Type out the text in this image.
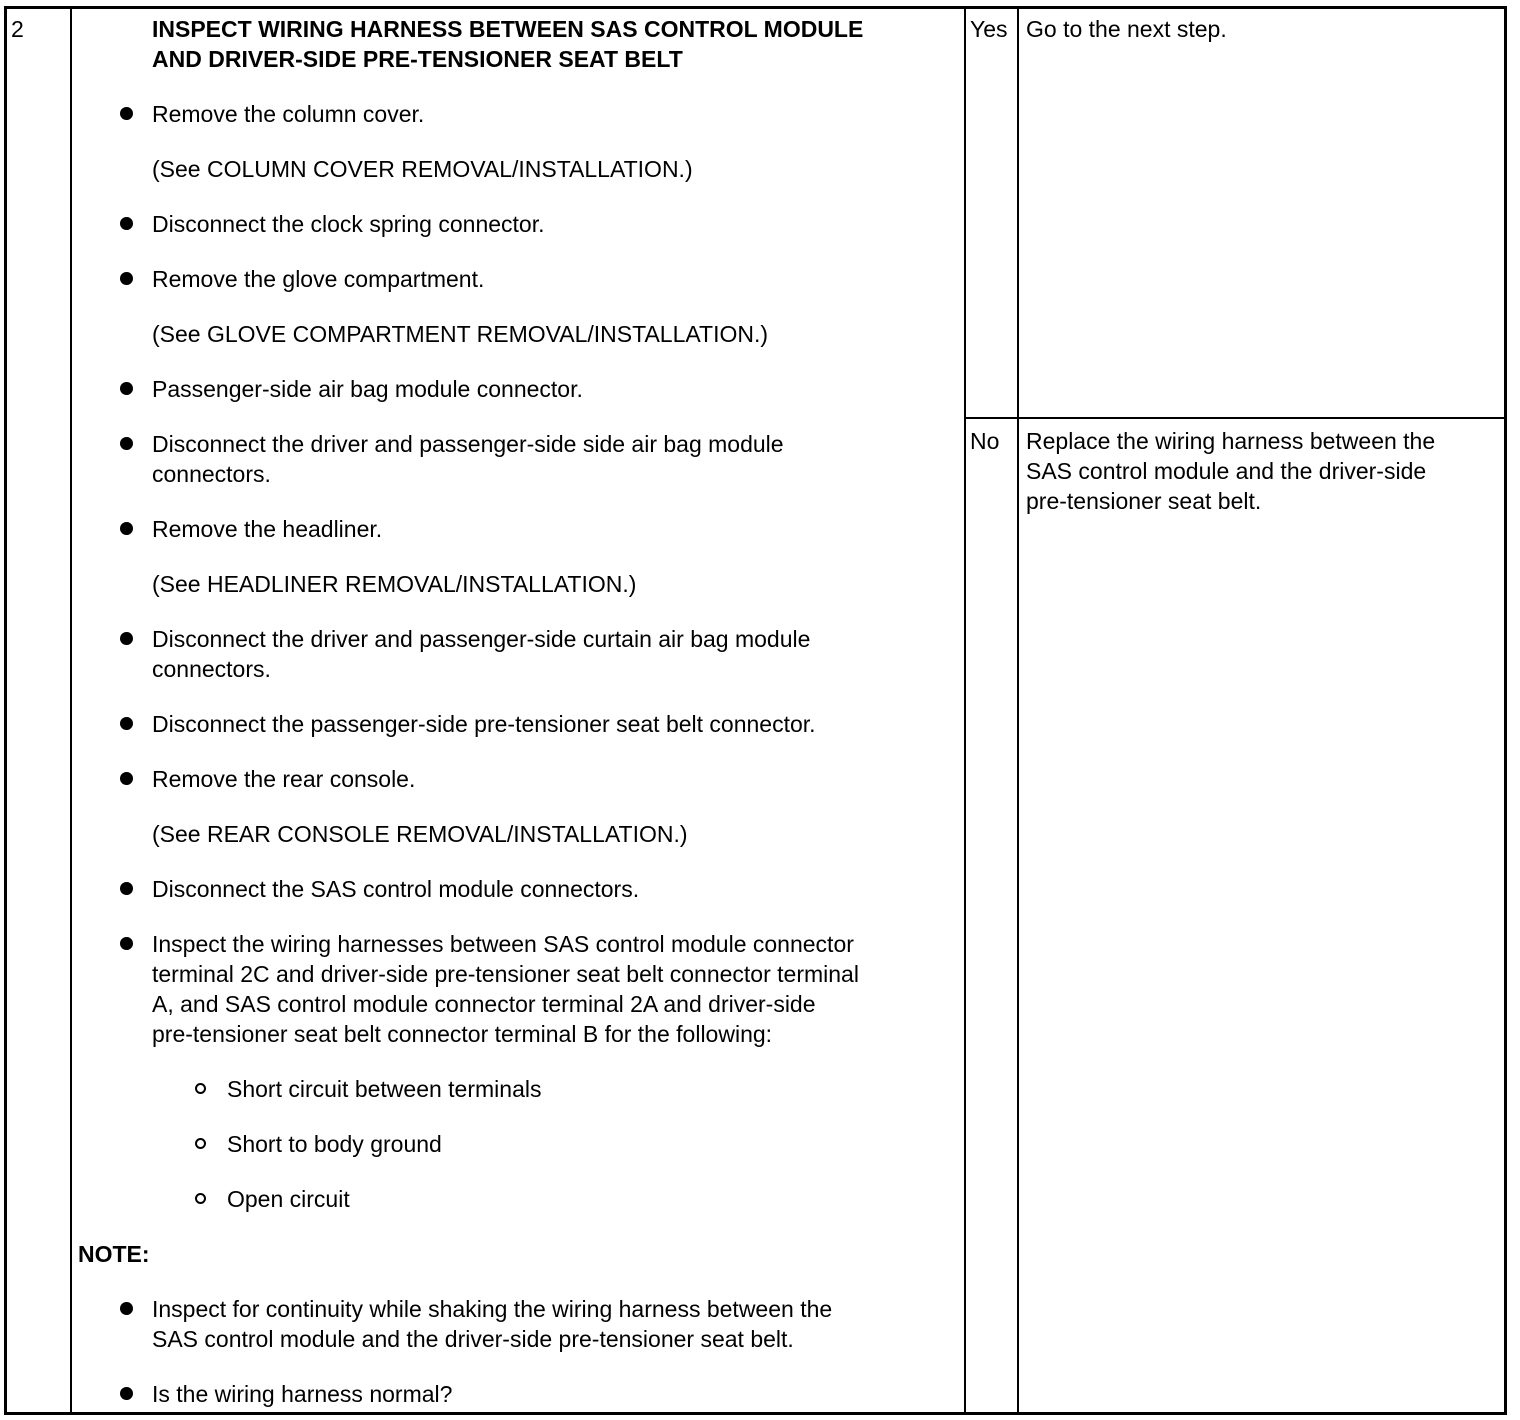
2	INSPECT WIRING HARNESS BETWEEN SAS CONTROL MODULE
AND DRIVER-SIDE PRE-TENSIONER SEAT BELT
Remove the column cover.
(See COLUMN COVER REMOVAL/INSTALLATION.)
Disconnect the clock spring connector.
Remove the glove compartment.
(See GLOVE COMPARTMENT REMOVAL/INSTALLATION.)
Passenger-side air bag module connector.
Disconnect the driver and passenger-side side air bag module
connectors.
Remove the headliner.
(See HEADLINER REMOVAL/INSTALLATION.)
Disconnect the driver and passenger-side curtain air bag module
connectors.
Disconnect the passenger-side pre-tensioner seat belt connector.
Remove the rear console.
(See REAR CONSOLE REMOVAL/INSTALLATION.)
Disconnect the SAS control module connectors.
Inspect the wiring harnesses between SAS control module connector
terminal 2C and driver-side pre-tensioner seat belt connector terminal
A, and SAS control module connector terminal 2A and driver-side
pre-tensioner seat belt connector terminal B for the following:
Short circuit between terminals
Short to body ground
Open circuit
NOTE:
Inspect for continuity while shaking the wiring harness between the
SAS control module and the driver-side pre-tensioner seat belt.
Is the wiring harness normal?
Yes Go to the next step.
No Replace the wiring harness between the
SAS control module and the driver-side
pre-tensioner seat belt.
